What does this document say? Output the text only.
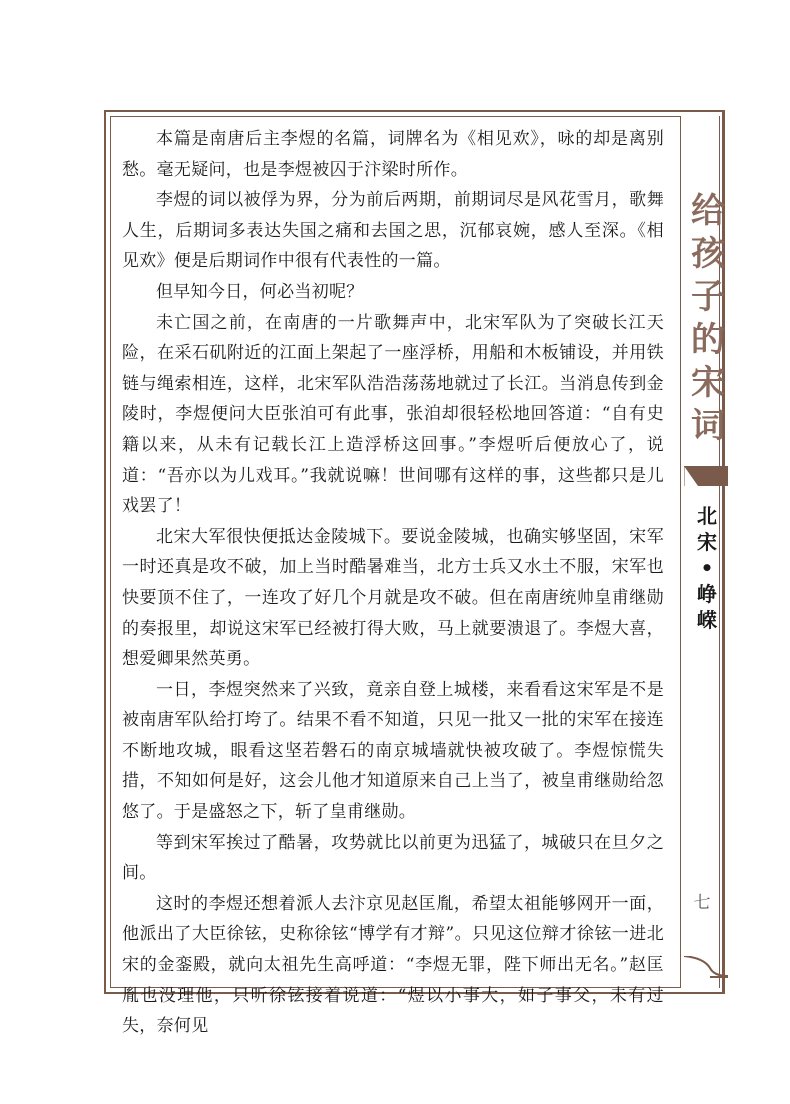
给
孩
子
的
宋
词
北
宋
•
峥
嵘
七

本篇是南唐后主李煜的名篇，词牌名为《相见欢》，咏的却是离别愁。毫无疑问，也是李煜被囚于汴梁时所作。

李煜的词以被俘为界，分为前后两期，前期词尽是风花雪月，歌舞人生，后期词多表达失国之痛和去国之思，沉郁哀婉，感人至深。《相见欢》便是后期词作中很有代表性的一篇。

但早知今日，何必当初呢？

未亡国之前，在南唐的一片歌舞声中，北宋军队为了突破长江天险，在采石矶附近的江面上架起了一座浮桥，用船和木板铺设，并用铁链与绳索相连，这样，北宋军队浩浩荡荡地就过了长江。当消息传到金陵时，李煜便问大臣张洎可有此事，张洎却很轻松地回答道：“自有史籍以来，从未有记载长江上造浮桥这回事。”李煜听后便放心了，说道：“吾亦以为儿戏耳。”我就说嘛！世间哪有这样的事，这些都只是儿戏罢了！

北宋大军很快便抵达金陵城下。要说金陵城，也确实够坚固，宋军一时还真是攻不破，加上当时酷暑难当，北方士兵又水土不服，宋军也快要顶不住了，一连攻了好几个月就是攻不破。但在南唐统帅皇甫继勋的奏报里，却说这宋军已经被打得大败，马上就要溃退了。李煜大喜，想爱卿果然英勇。

一日，李煜突然来了兴致，竟亲自登上城楼，来看看这宋军是不是被南唐军队给打垮了。结果不看不知道，只见一批又一批的宋军在接连不断地攻城，眼看这坚若磐石的南京城墙就快被攻破了。李煜惊慌失措，不知如何是好，这会儿他才知道原来自己上当了，被皇甫继勋给忽悠了。于是盛怒之下，斩了皇甫继勋。

等到宋军挨过了酷暑，攻势就比以前更为迅猛了，城破只在旦夕之间。

这时的李煜还想着派人去汴京见赵匡胤，希望太祖能够网开一面，他派出了大臣徐铉，史称徐铉“博学有才辩”。只见这位辩才徐铉一进北宋的金銮殿，就向太祖先生高呼道：“李煜无罪，陛下师出无名。”赵匡胤也没理他，只听徐铉接着说道：“煜以小事大，如子事父，未有过失，奈何见
